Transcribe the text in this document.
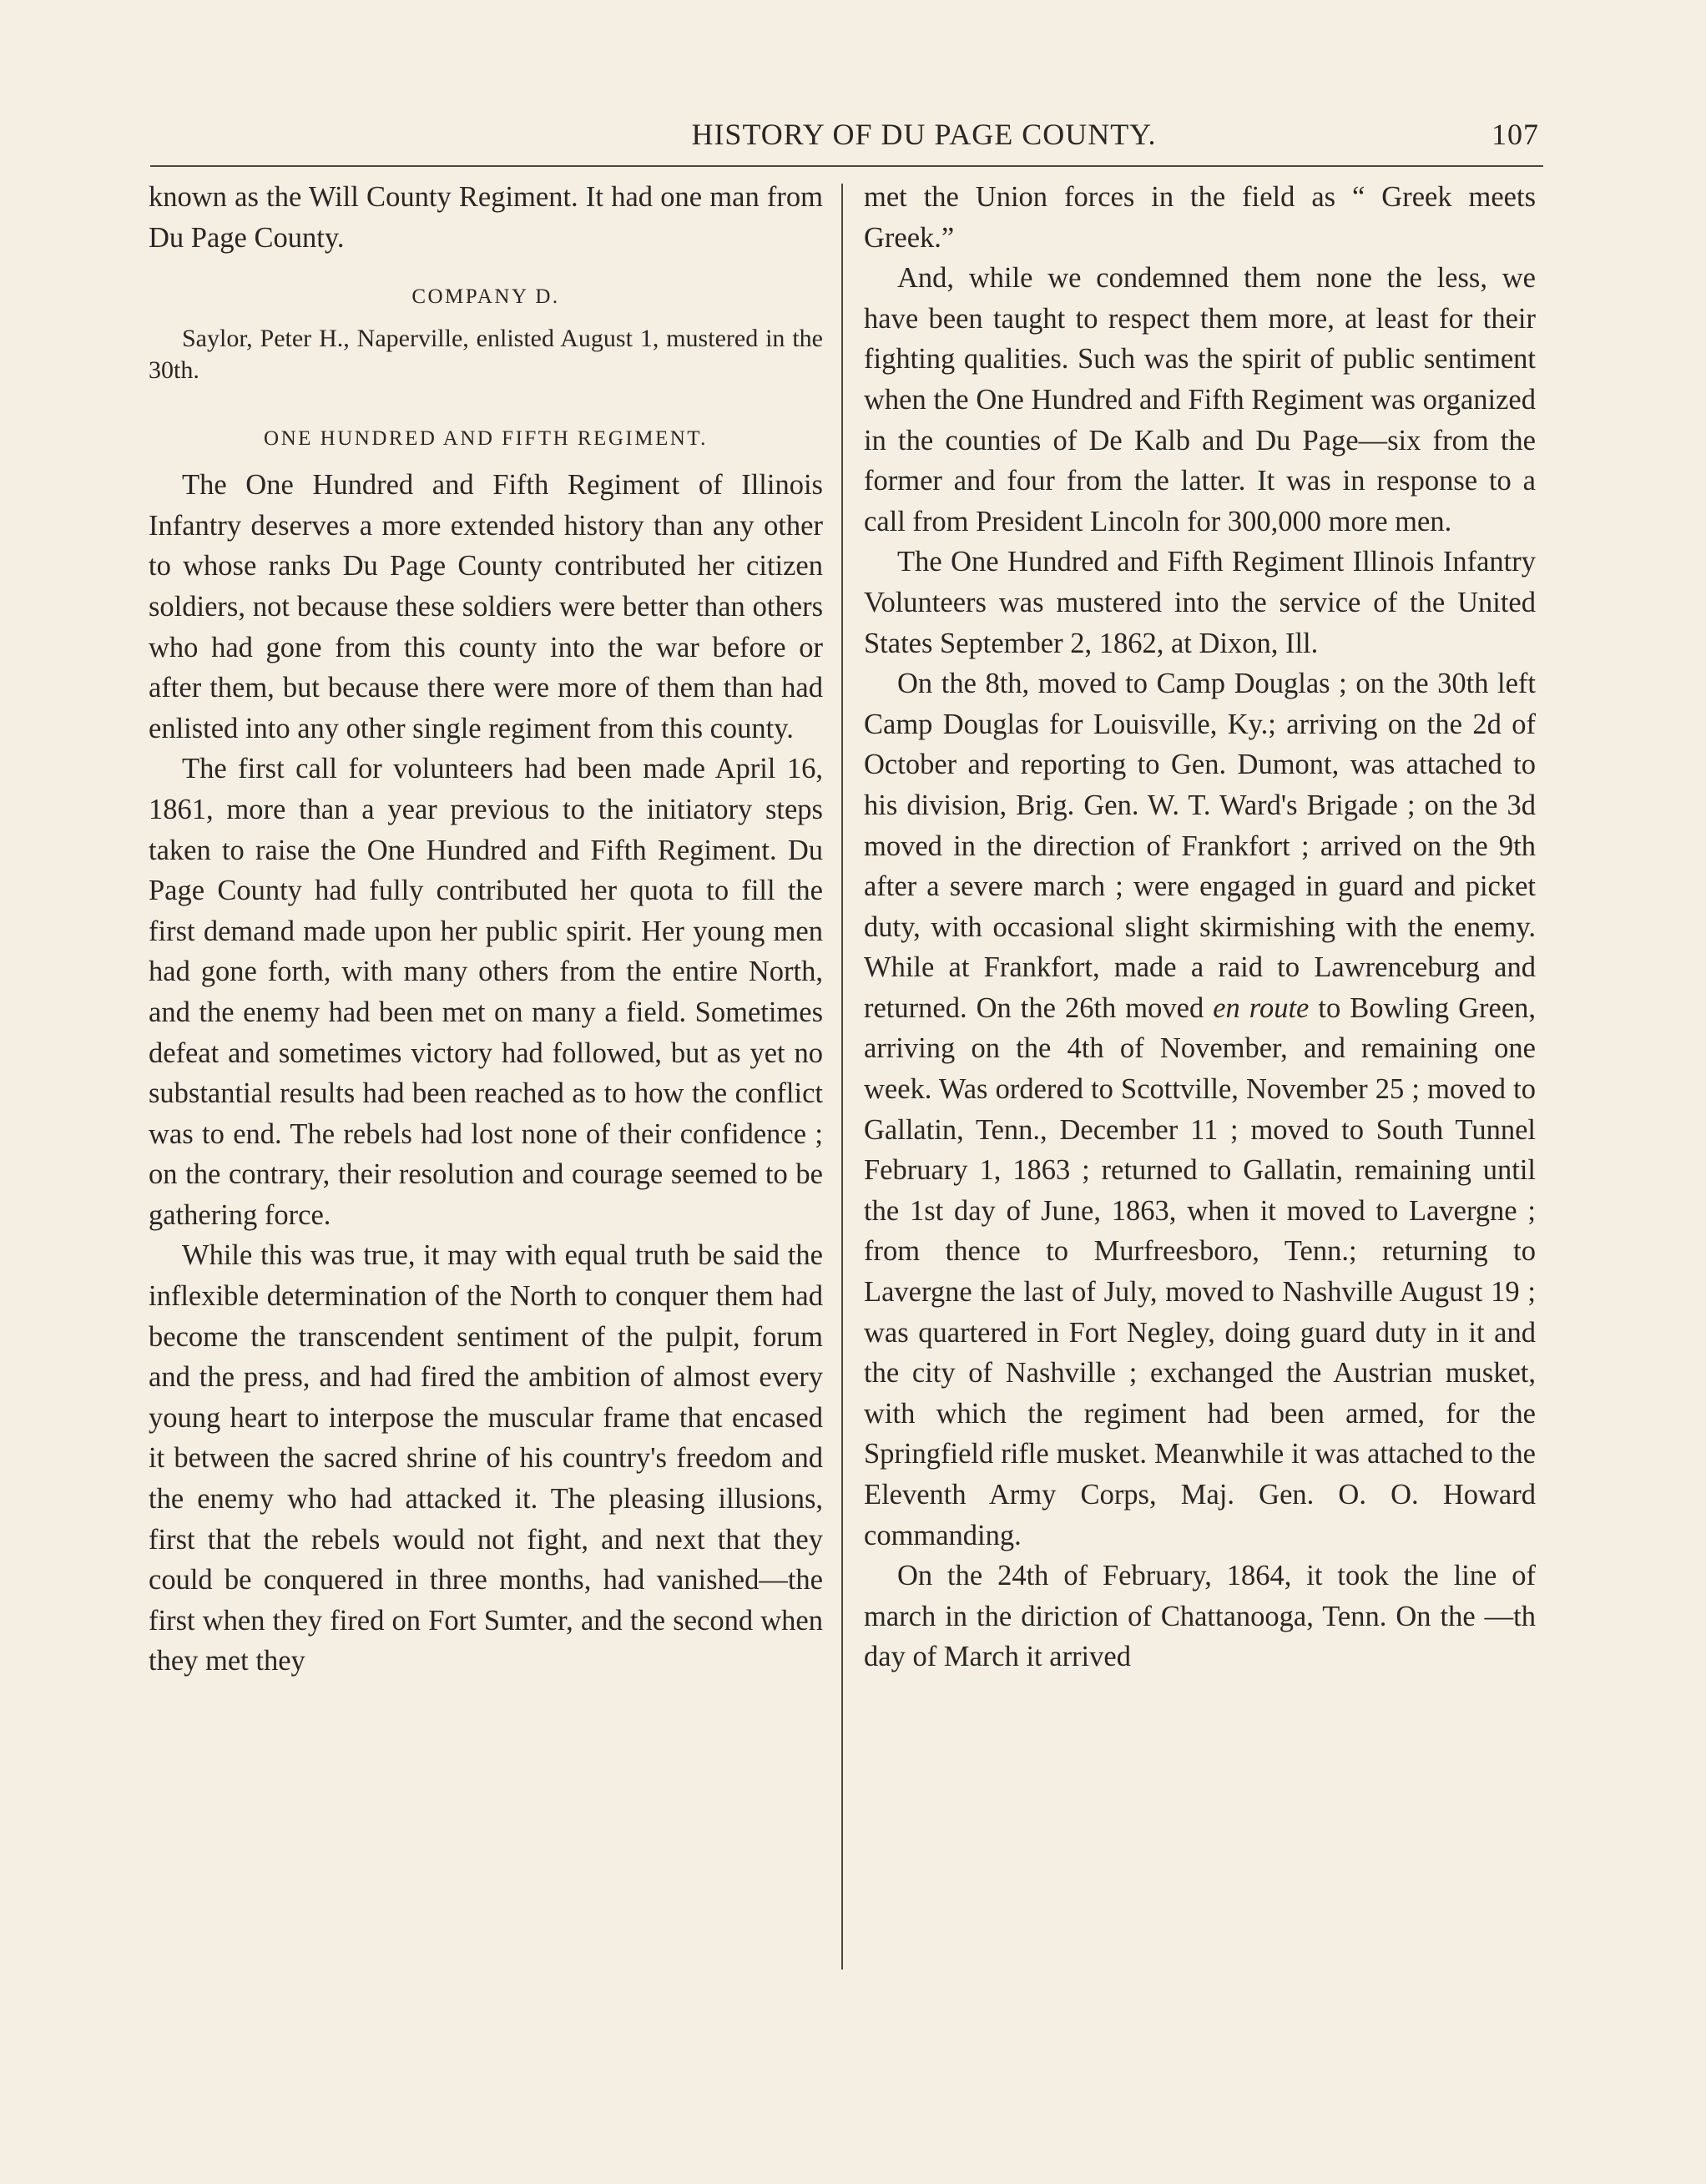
HISTORY OF DU PAGE COUNTY.	107

known as the Will County Regiment. It had one man from Du Page County.

COMPANY D.

Saylor, Peter H., Naperville, enlisted August 1, mustered in the 30th.

ONE HUNDRED AND FIFTH REGIMENT.

The One Hundred and Fifth Regiment of Illinois Infantry deserves a more extended history than any other to whose ranks Du Page County contributed her citizen soldiers, not because these soldiers were better than others who had gone from this county into the war before or after them, but because there were more of them than had enlisted into any other single regiment from this county.

The first call for volunteers had been made April 16, 1861, more than a year previous to the initiatory steps taken to raise the One Hundred and Fifth Regiment. Du Page County had fully contributed her quota to fill the first demand made upon her public spirit. Her young men had gone forth, with many others from the entire North, and the enemy had been met on many a field. Sometimes defeat and sometimes victory had followed, but as yet no substantial results had been reached as to how the conflict was to end. The rebels had lost none of their confidence ; on the contrary, their resolution and courage seemed to be gathering force.

While this was true, it may with equal truth be said the inflexible determination of the North to conquer them had become the transcendent sentiment of the pulpit, forum and the press, and had fired the ambition of almost every young heart to interpose the muscular frame that encased it between the sacred shrine of his country's freedom and the enemy who had attacked it. The pleasing illusions, first that the rebels would not fight, and next that they could be conquered in three months, had vanished—the first when they fired on Fort Sumter, and the second when they met they

met the Union forces in the field as “ Greek meets Greek.”

And, while we condemned them none the less, we have been taught to respect them more, at least for their fighting qualities. Such was the spirit of public sentiment when the One Hundred and Fifth Regiment was organized in the counties of De Kalb and Du Page—six from the former and four from the latter. It was in response to a call from President Lincoln for 300,000 more men.

The One Hundred and Fifth Regiment Illinois Infantry Volunteers was mustered into the service of the United States September 2, 1862, at Dixon, Ill.

On the 8th, moved to Camp Douglas ; on the 30th left Camp Douglas for Louisville, Ky.; arriving on the 2d of October and reporting to Gen. Dumont, was attached to his division, Brig. Gen. W. T. Ward's Brigade ; on the 3d moved in the direction of Frankfort ; arrived on the 9th after a severe march ; were engaged in guard and picket duty, with occasional slight skirmishing with the enemy. While at Frankfort, made a raid to Lawrenceburg and returned. On the 26th moved en route to Bowling Green, arriving on the 4th of November, and remaining one week. Was ordered to Scottville, November 25 ; moved to Gallatin, Tenn., December 11 ; moved to South Tunnel February 1, 1863 ; returned to Gallatin, remaining until the 1st day of June, 1863, when it moved to Lavergne ; from thence to Murfreesboro, Tenn.; returning to Lavergne the last of July, moved to Nashville August 19 ; was quartered in Fort Negley, doing guard duty in it and the city of Nashville ; exchanged the Austrian musket, with which the regiment had been armed, for the Springfield rifle musket. Meanwhile it was attached to the Eleventh Army Corps, Maj. Gen. O. O. Howard commanding.

On the 24th of February, 1864, it took the line of march in the diriction of Chattanooga, Tenn. On the —th day of March it arrived
